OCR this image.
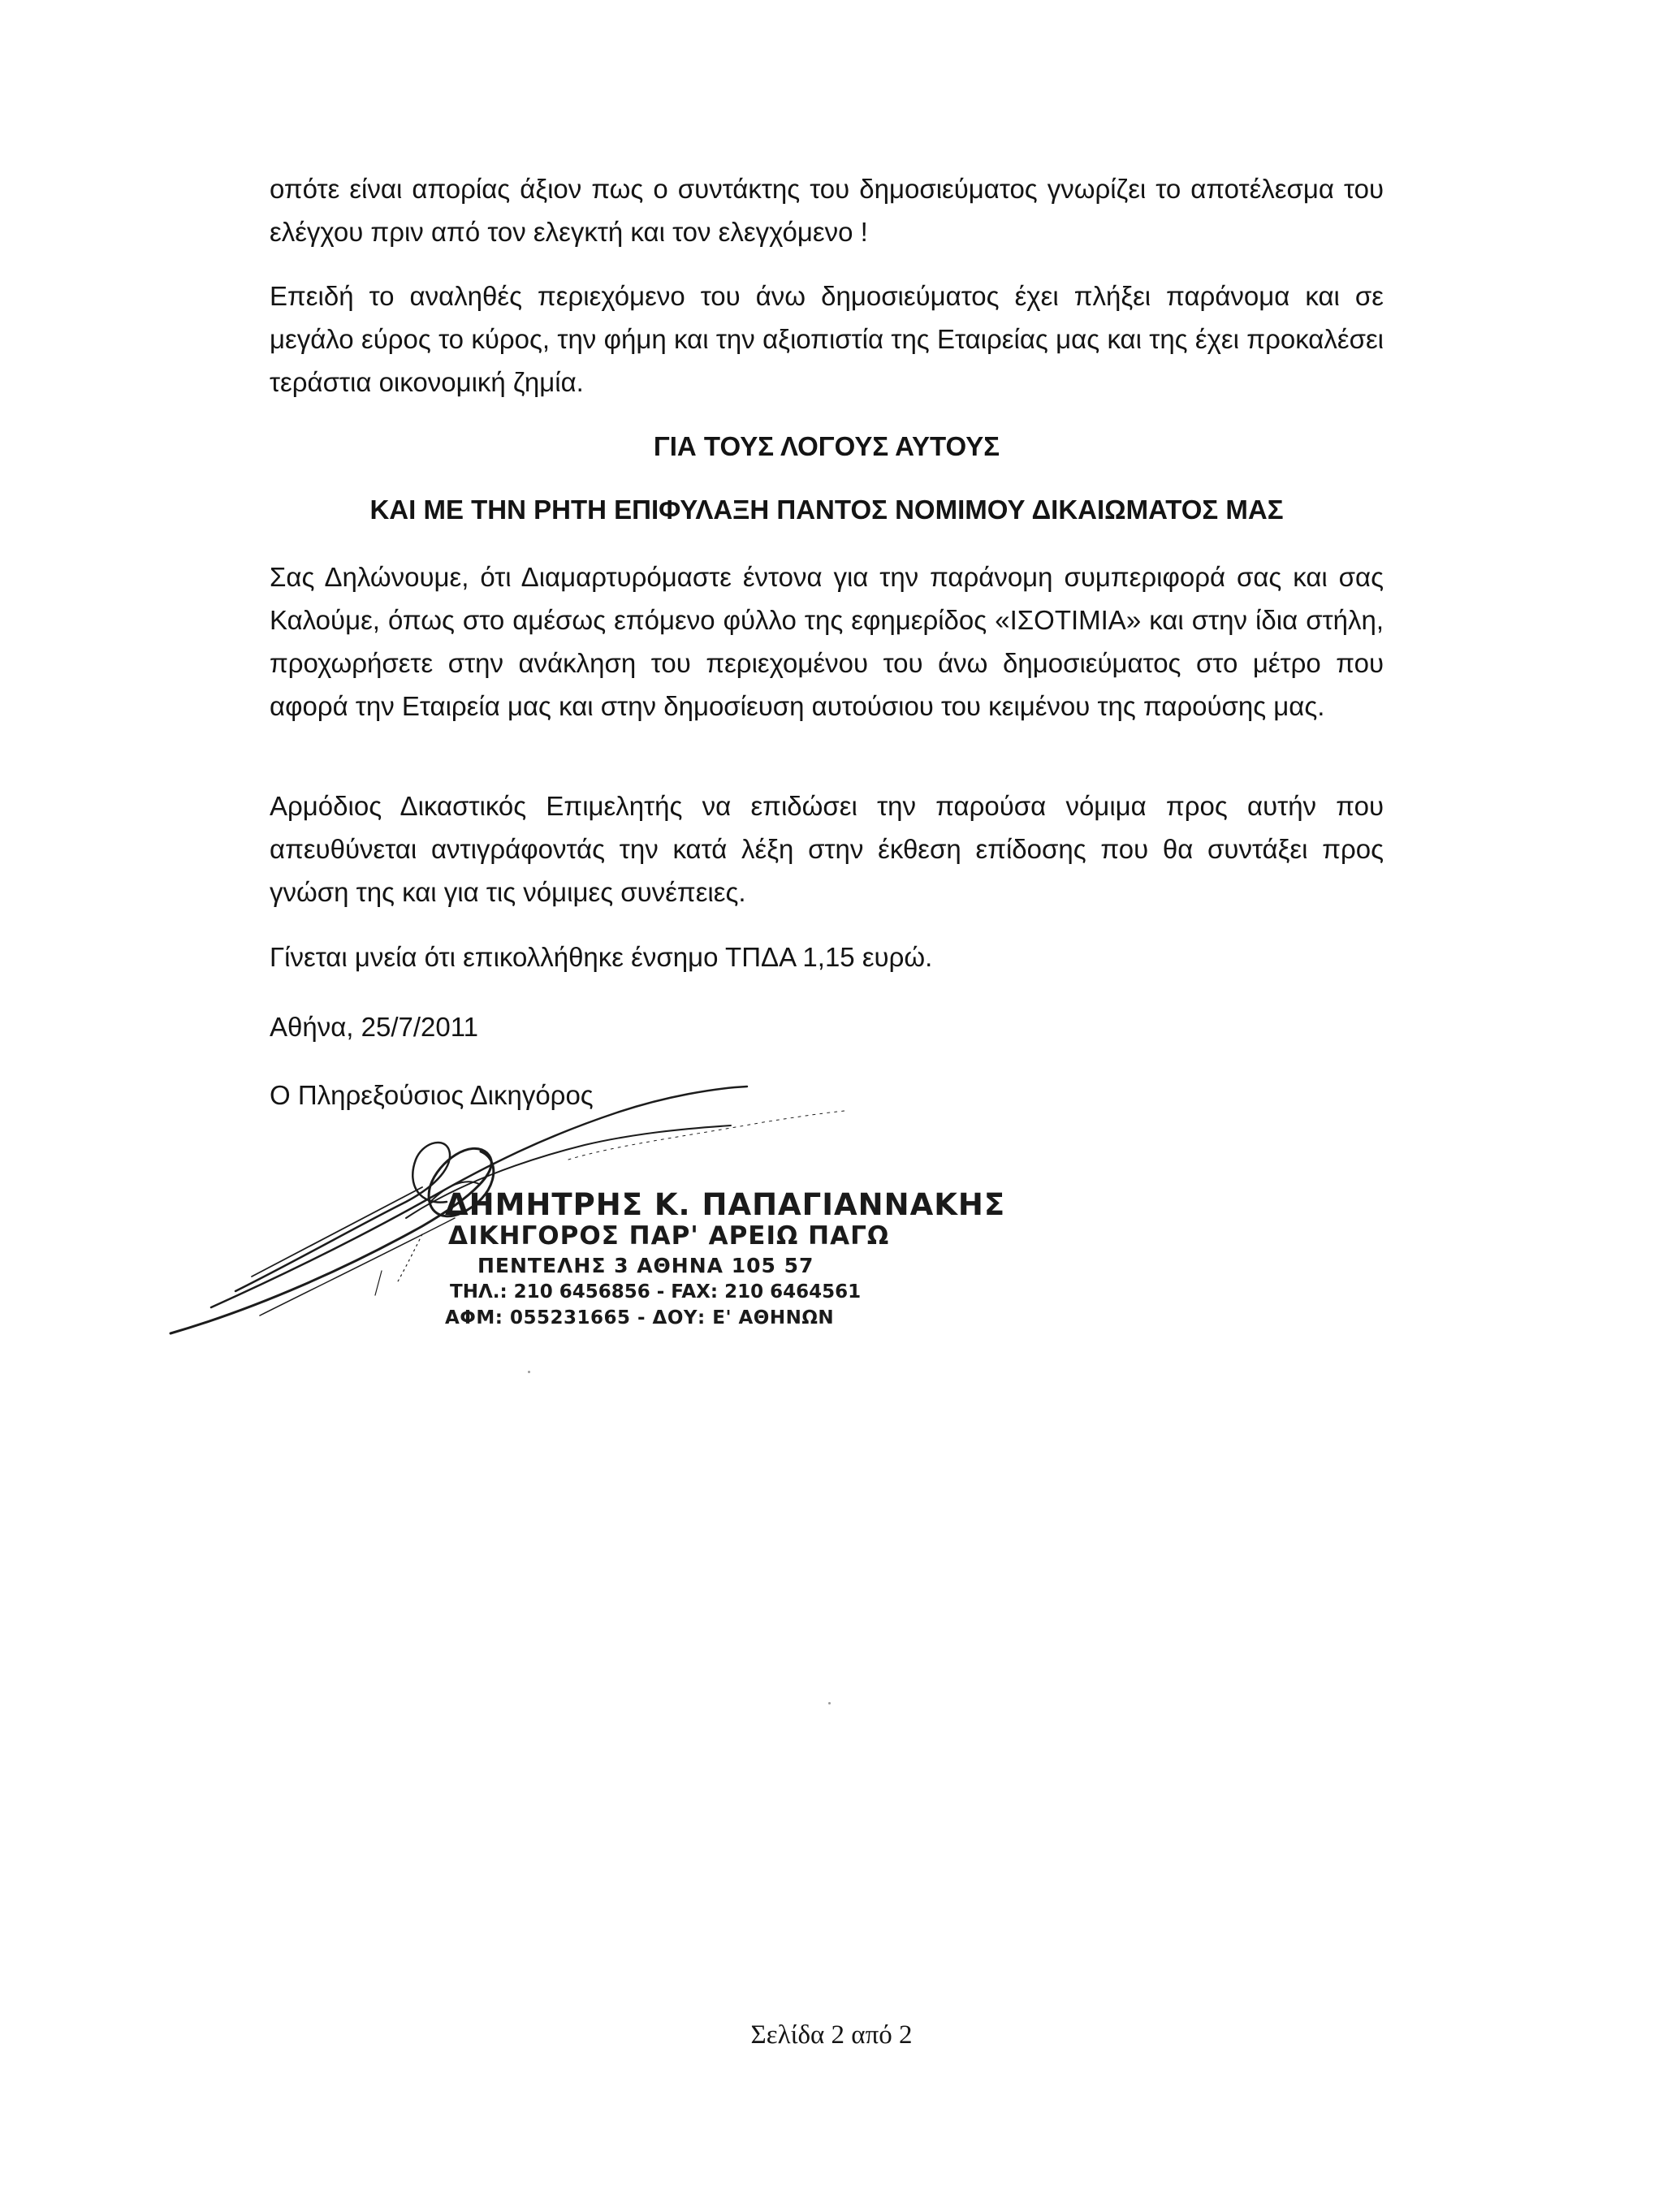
οπότε είναι απορίας άξιον πως ο συντάκτης του δημοσιεύματος γνωρίζει το αποτέλεσμα του ελέγχου πριν από τον ελεγκτή και τον ελεγχόμενο !

Επειδή το αναληθές περιεχόμενο του άνω δημοσιεύματος έχει πλήξει παράνομα και σε μεγάλο εύρος το κύρος, την φήμη και την αξιοπιστία της Εταιρείας μας και της έχει προκαλέσει τεράστια οικονομική ζημία.

ΓΙΑ ΤΟΥΣ ΛΟΓΟΥΣ ΑΥΤΟΥΣ

ΚΑΙ ΜΕ ΤΗΝ ΡΗΤΗ ΕΠΙΦΥΛΑΞΗ ΠΑΝΤΟΣ ΝΟΜΙΜΟΥ ΔΙΚΑΙΩΜΑΤΟΣ ΜΑΣ

Σας Δηλώνουμε, ότι Διαμαρτυρόμαστε έντονα για την παράνομη συμπεριφορά σας και σας Καλούμε, όπως στο αμέσως επόμενο φύλλο της εφημερίδος «ΙΣΟΤΙΜΙΑ» και στην ίδια στήλη, προχωρήσετε στην ανάκληση του περιεχομένου του άνω δημοσιεύματος στο μέτρο που αφορά την Εταιρεία μας και στην δημοσίευση αυτούσιου του κειμένου της παρούσης μας.

Αρμόδιος Δικαστικός Επιμελητής να επιδώσει την παρούσα νόμιμα προς αυτήν που απευθύνεται αντιγράφοντάς την κατά λέξη στην έκθεση επίδοσης που θα συντάξει προς γνώση της και για τις νόμιμες συνέπειες.

Γίνεται μνεία ότι επικολλήθηκε ένσημο ΤΠΔΑ 1,15 ευρώ.

Αθήνα, 25/7/2011

Ο Πληρεξούσιος Δικηγόρος

ΔΗΜΗΤΡΗΣ Κ. ΠΑΠΑΓΙΑΝΝΑΚΗΣ

ΔΙΚΗΓΟΡΟΣ ΠΑΡ' ΑΡΕΙΩ ΠΑΓΩ

ΠΕΝΤΕΛΗΣ 3 ΑΘΗΝΑ 105 57

ΤΗΛ.: 210 6456856 - FAX: 210 6464561

ΑΦΜ: 055231665 - ΔΟΥ: Ε' ΑΘΗΝΩΝ

Σελίδα 2 από 2
